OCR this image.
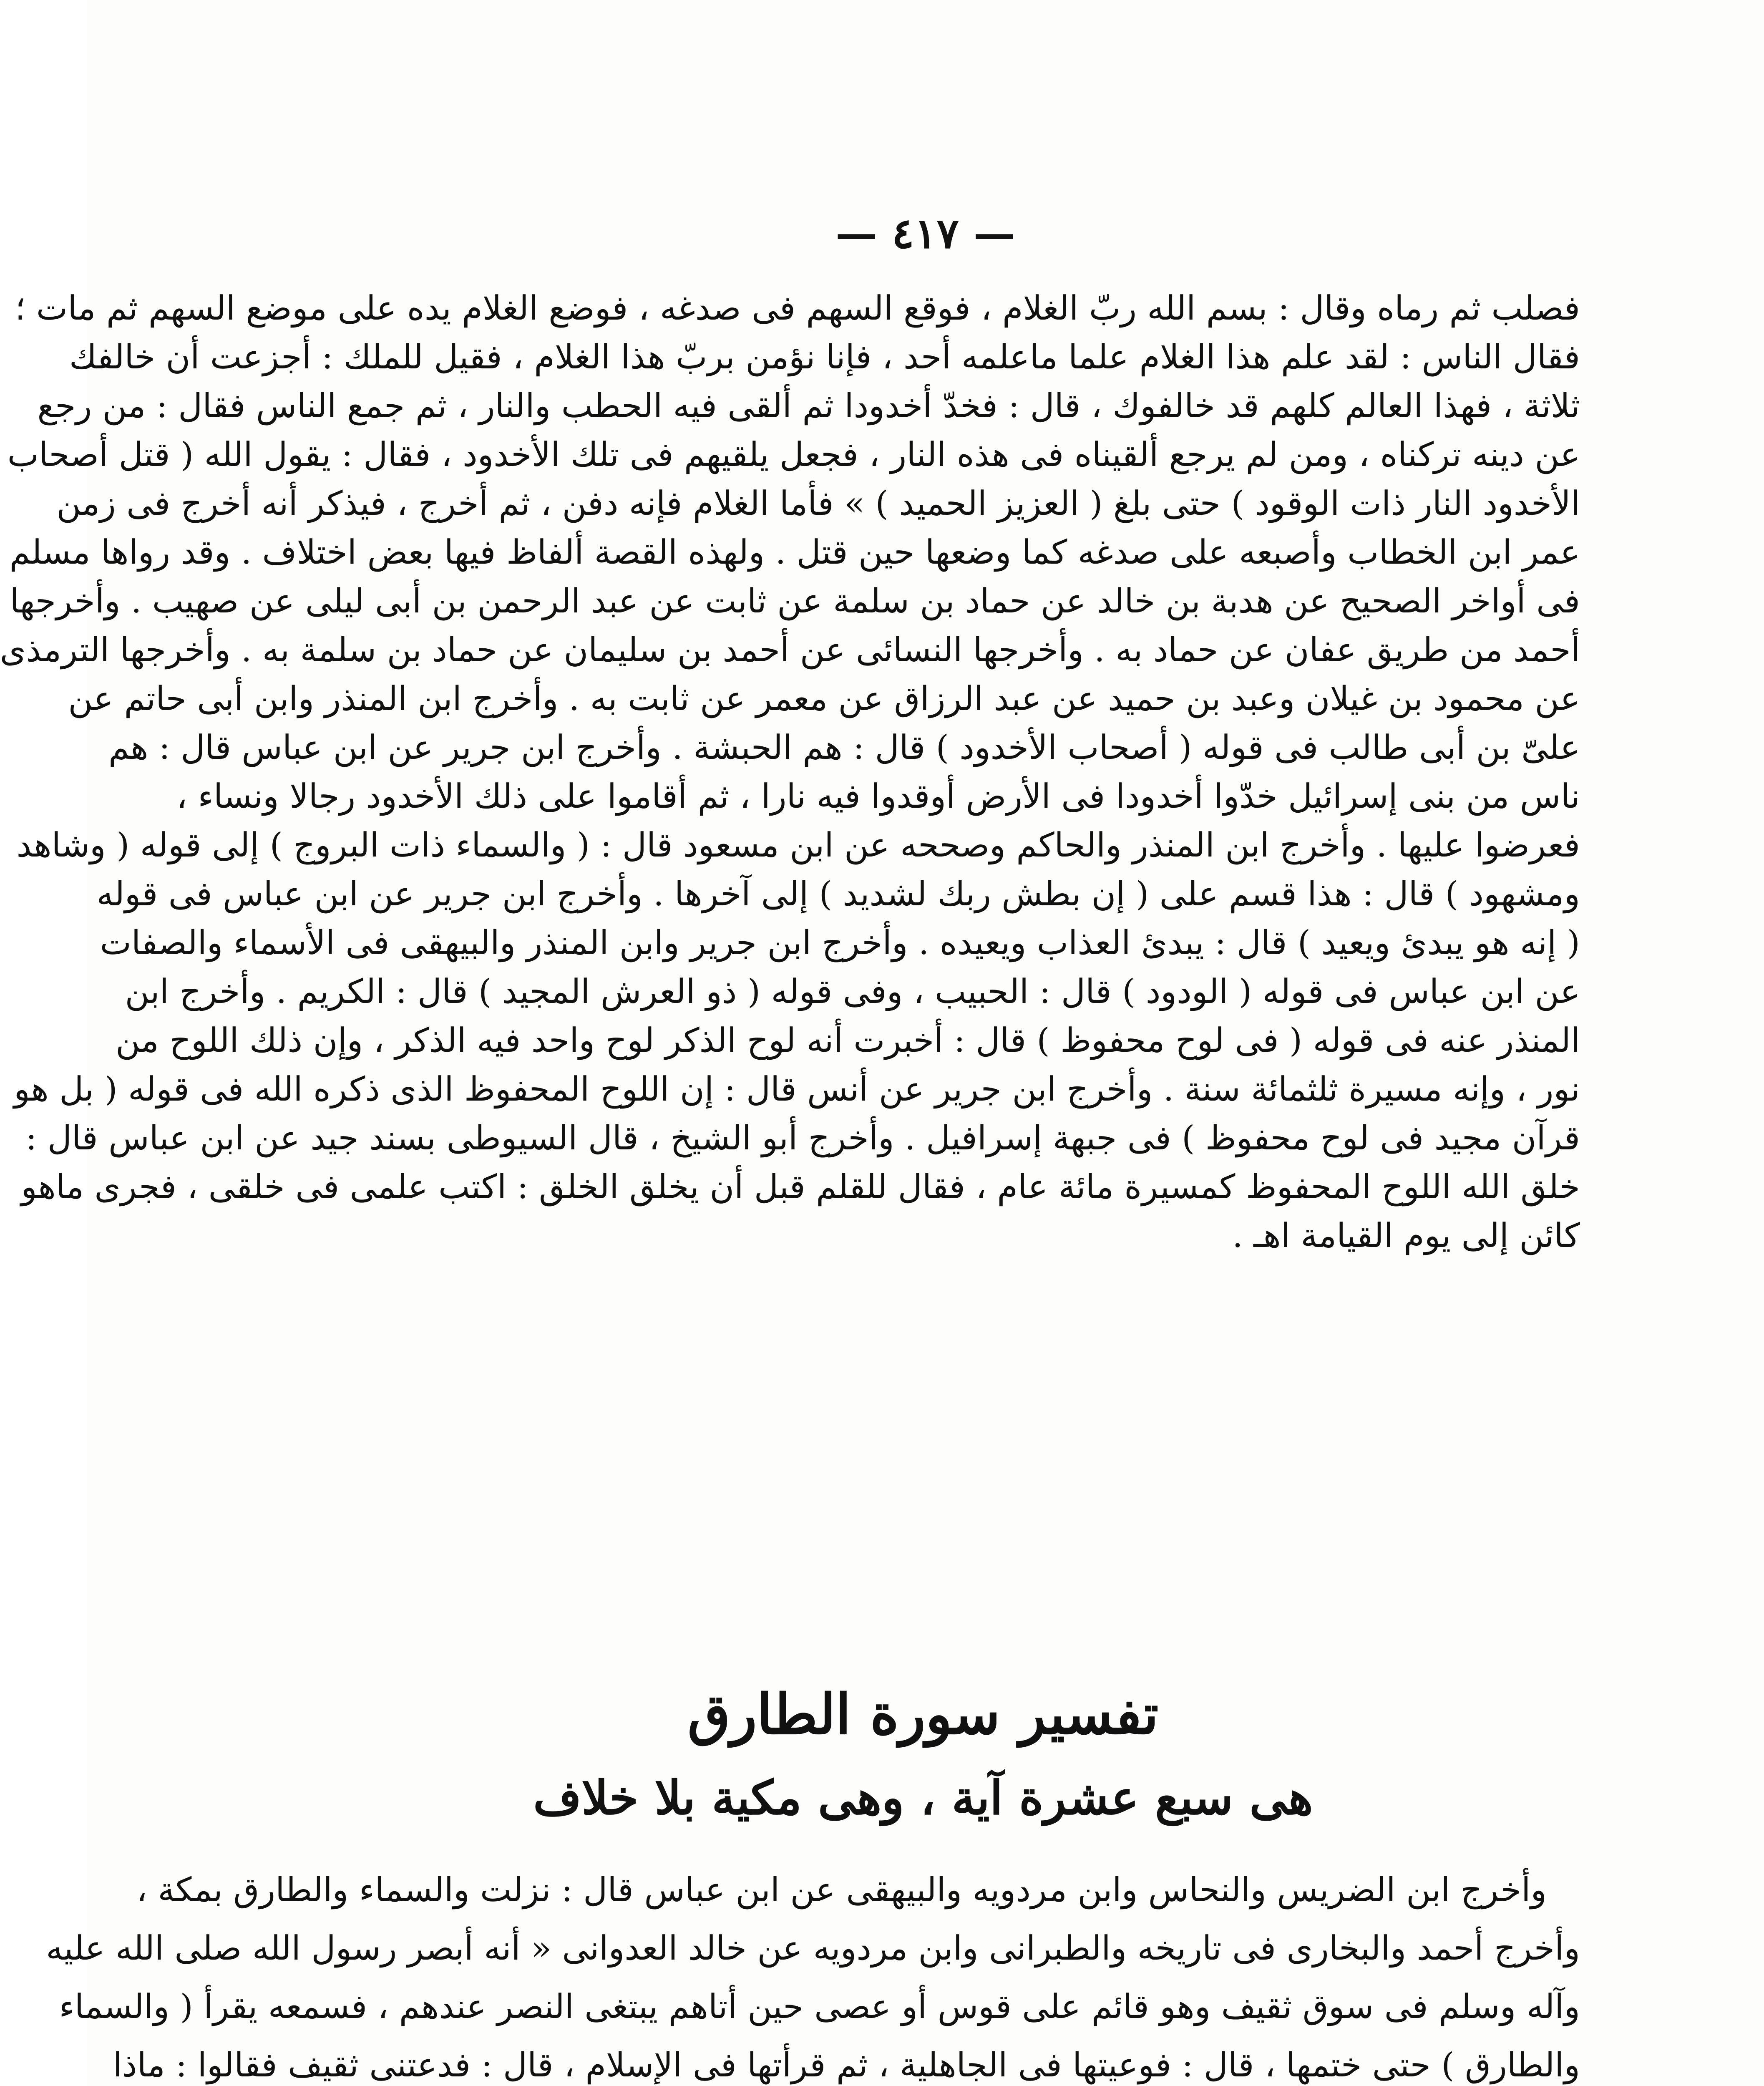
— ٤١٧ —
فصلب ثم رماه وقال : بسم الله ربّ الغلام ، فوقع السهم فى صدغه ، فوضع الغلام يده على موضع السهم ثم مات ؛
فقال الناس : لقد علم هذا الغلام علما ماعلمه أحد ، فإنا نؤمن بربّ هذا الغلام ، فقيل للملك : أجزعت أن خالفك
ثلاثة ، فهذا العالم كلهم قد خالفوك ، قال : فخدّ أخدودا ثم ألقى فيه الحطب والنار ، ثم جمع الناس فقال : من رجع
عن دينه تركناه ، ومن لم يرجع ألقيناه فى هذه النار ، فجعل يلقيهم فى تلك الأخدود ، فقال : يقول الله ( قتل أصحاب
الأخدود النار ذات الوقود ) حتى بلغ ( العزيز الحميد ) » فأما الغلام فإنه دفن ، ثم أخرج ، فيذكر أنه أخرج فى زمن
عمر ابن الخطاب وأصبعه على صدغه كما وضعها حين قتل . ولهذه القصة ألفاظ فيها بعض اختلاف . وقد رواها مسلم
فى أواخر الصحيح عن هدبة بن خالد عن حماد بن سلمة عن ثابت عن عبد الرحمن بن أبى ليلى عن صهيب . وأخرجها
أحمد من طريق عفان عن حماد به . وأخرجها النسائى عن أحمد بن سليمان عن حماد بن سلمة به . وأخرجها الترمذى
عن محمود بن غيلان وعبد بن حميد عن عبد الرزاق عن معمر عن ثابت به . وأخرج ابن المنذر وابن أبى حاتم عن
علىّ بن أبى طالب فى قوله ( أصحاب الأخدود ) قال : هم الحبشة . وأخرج ابن جرير عن ابن عباس قال : هم
ناس من بنى إسرائيل خدّوا أخدودا فى الأرض أوقدوا فيه نارا ، ثم أقاموا على ذلك الأخدود رجالا ونساء ،
فعرضوا عليها . وأخرج ابن المنذر والحاكم وصححه عن ابن مسعود قال : ( والسماء ذات البروج ) إلى قوله ( وشاهد
ومشهود ) قال : هذا قسم على ( إن بطش ربك لشديد ) إلى آخرها . وأخرج ابن جرير عن ابن عباس فى قوله
( إنه هو يبدئ ويعيد ) قال : يبدئ العذاب ويعيده . وأخرج ابن جرير وابن المنذر والبيهقى فى الأسماء والصفات
عن ابن عباس فى قوله ( الودود ) قال : الحبيب ، وفى قوله ( ذو العرش المجيد ) قال : الكريم . وأخرج ابن
المنذر عنه فى قوله ( فى لوح محفوظ ) قال : أخبرت أنه لوح الذكر لوح واحد فيه الذكر ، وإن ذلك اللوح من
نور ، وإنه مسيرة ثلثمائة سنة . وأخرج ابن جرير عن أنس قال : إن اللوح المحفوظ الذى ذكره الله فى قوله ( بل هو
قرآن مجيد فى لوح محفوظ ) فى جبهة إسرافيل . وأخرج أبو الشيخ ، قال السيوطى بسند جيد عن ابن عباس قال :
خلق الله اللوح المحفوظ كمسيرة مائة عام ، فقال للقلم قبل أن يخلق الخلق : اكتب علمى فى خلقى ، فجرى ماهو
كائن إلى يوم القيامة اهـ .
تفسير سورة الطارق
هى سبع عشرة آية ، وهى مكية بلا خلاف
وأخرج ابن الضريس والنحاس وابن مردويه والبيهقى عن ابن عباس قال : نزلت والسماء والطارق بمكة ،
وأخرج أحمد والبخارى فى تاريخه والطبرانى وابن مردويه عن خالد العدوانى « أنه أبصر رسول الله صلى الله عليه
وآله وسلم فى سوق ثقيف وهو قائم على قوس أو عصى حين أتاهم يبتغى النصر عندهم ، فسمعه يقرأ ( والسماء
والطارق ) حتى ختمها ، قال : فوعيتها فى الجاهلية ، ثم قرأتها فى الإسلام ، قال : فدعتنى ثقيف فقالوا : ماذا
